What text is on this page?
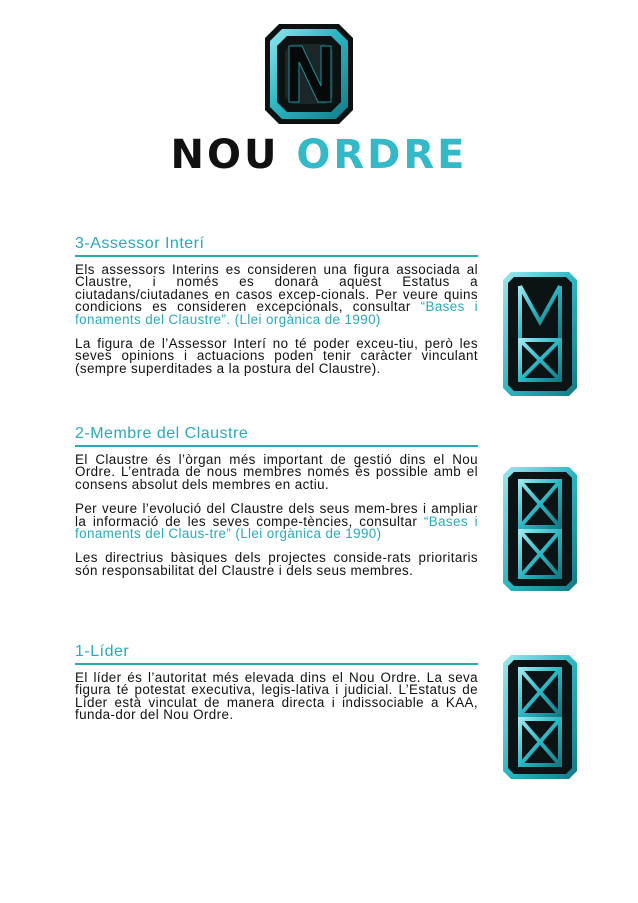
NOU ORDRE
3-Assessor Interí

Els assessors Interins es consideren una figura associada al Claustre, i només es donarà aquest Estatus a ciutadans/ciutadanes en casos excep-cionals. Per veure quins condicions es consideren excepcionals, consultar “Bases i fonaments del Claustre”. (Llei orgànica de 1990)

La figura de l’Assessor Interí no té poder exceu-tiu, però les seves opinions i actuacions poden tenir caràcter vinculant (sempre superditades a la postura del Claustre).

2-Membre del Claustre

El Claustre és l’òrgan més important de gestió dins el Nou Ordre. L’entrada de nous membres només és possible amb el consens absolut dels membres en actiu.

Per veure l’evolució del Claustre dels seus mem-bres i ampliar la informació de les seves compe-tències, consultar “Bases i fonaments del Claus-tre” (Llei orgànica de 1990)

Les directrius bàsiques dels projectes conside-rats prioritaris són responsabilitat del Claustre i dels seus membres.

1-Líder

El líder és l’autoritat més elevada dins el Nou Ordre. La seva figura té potestat executiva, legis-lativa i judicial. L’Estatus de Líder està vinculat de manera directa i indissociable a KAA, funda-dor del Nou Ordre.
